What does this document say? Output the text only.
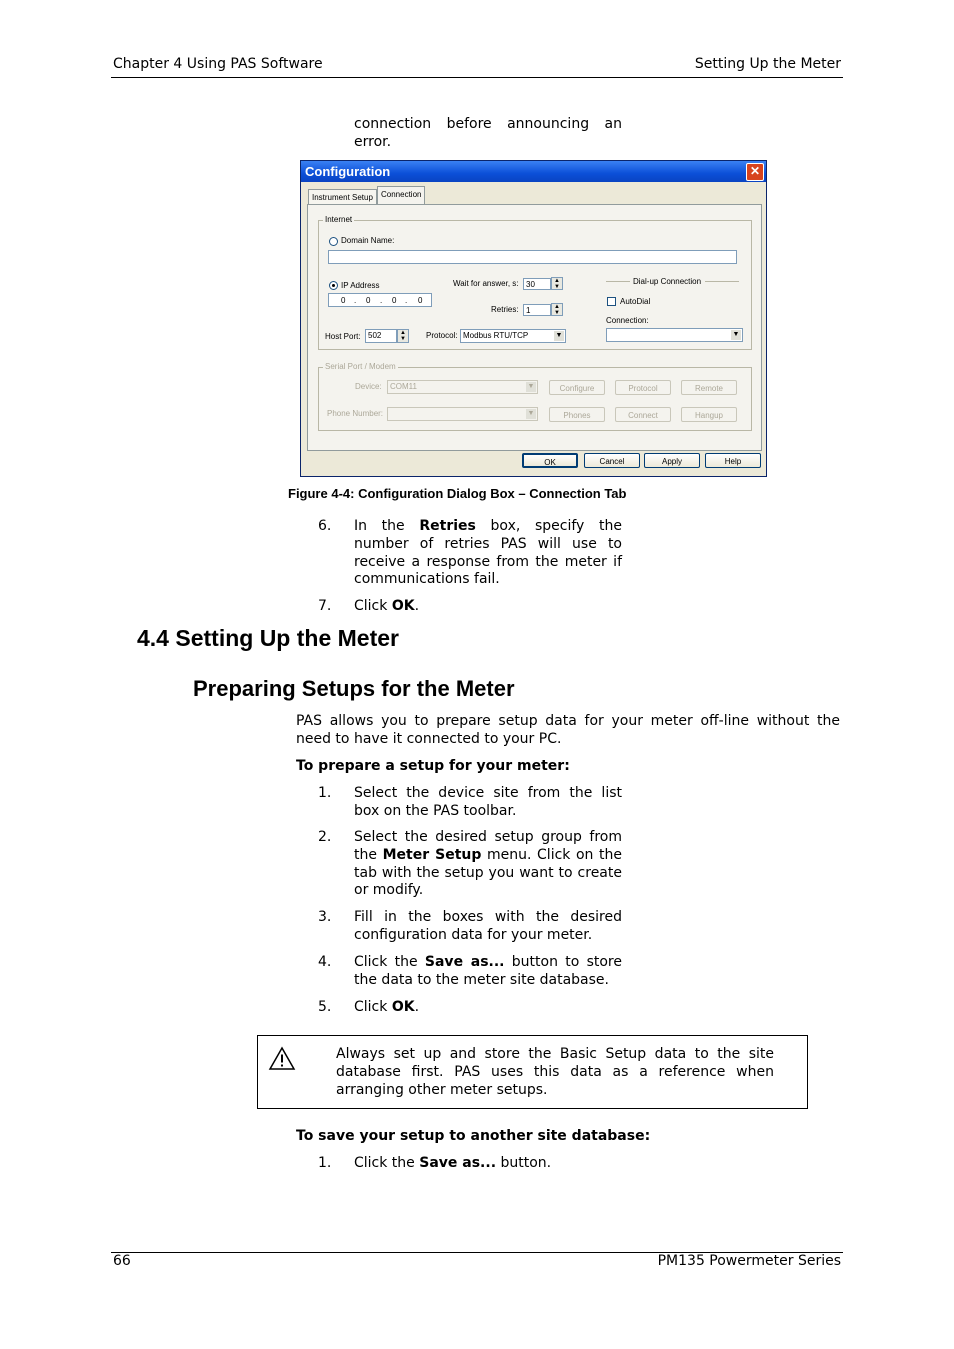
Chapter 4 Using PAS Software	Setting Up the Meter
connection before announcing an error.
Configuration	✕
Instrument Setup	Connection
Internet
Domain Name:
IP Address
0 . 0 . 0 . 0
Wait for answer, s: 30	▲
▼
Retries: 1	▲
▼
Dial-up Connection
AutoDial
Connection:
▼
Host Port: 502	▲
▼	Protocol: Modbus RTU/TCP	▼
Serial Port / Modem
Device:	COM11	▼
Phone Number:	▼
Configure	Protocol	Remote
Phones	Connect	Hangup
OK	Cancel	Apply	Help
Figure 4-4: Configuration Dialog Box – Connection Tab
6.	In the Retries box, specify the number of retries PAS will use to receive a response from the meter if communications fail.
7.	Click OK.
4.4 Setting Up the Meter
Preparing Setups for the Meter
PAS allows you to prepare setup data for your meter off-line without the need to have it connected to your PC.
To prepare a setup for your meter:
1.	Select the device site from the list box on the PAS toolbar.
2.	Select the desired setup group from the Meter Setup menu. Click on the tab with the setup you want to create or modify.
3.	Fill in the boxes with the desired configuration data for your meter.
4.	Click the Save as... button to store the data to the meter site database.
5.	Click OK.
Always set up and store the Basic Setup data to the site database first. PAS uses this data as a reference when arranging other meter setups.
To save your setup to another site database:
1.	Click the Save as... button.
66	PM135 Powermeter Series
